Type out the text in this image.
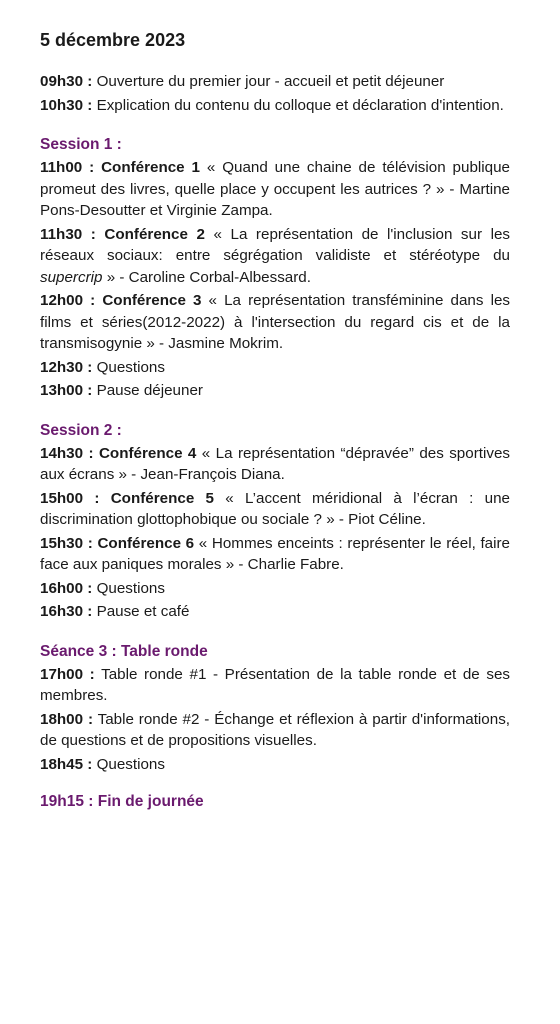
5 décembre 2023
09h30 : Ouverture du premier jour - accueil et petit déjeuner
10h30 : Explication du contenu du colloque et déclaration d'intention.
Session 1 :
11h00 : Conférence 1 « Quand une chaine de télévision publique promeut des livres, quelle place y occupent les autrices ? » - Martine Pons-Desoutter et Virginie Zampa.
11h30 : Conférence 2 « La représentation de l'inclusion sur les réseaux sociaux: entre ségrégation validiste et stéréotype du supercrip » - Caroline Corbal-Albessard.
12h00 : Conférence 3 « La représentation transféminine dans les films et séries(2012-2022) à l'intersection du regard cis et de la transmisogynie » - Jasmine Mokrim.
12h30 : Questions
13h00 : Pause déjeuner
Session 2 :
14h30 : Conférence 4 « La représentation “dépravée” des sportives aux écrans » - Jean-François Diana.
15h00 : Conférence 5 « L’accent méridional à l’écran : une discrimination glottophobique ou sociale ? » - Piot Céline.
15h30 : Conférence 6 « Hommes enceints : représenter le réel, faire face aux paniques morales » - Charlie Fabre.
16h00 : Questions
16h30 : Pause et café
Séance 3 : Table ronde
17h00 : Table ronde #1 - Présentation de la table ronde et de ses membres.
18h00 : Table ronde #2 - Échange et réflexion à partir d'informations, de questions et de propositions visuelles.
18h45 : Questions
19h15 : Fin de journée
